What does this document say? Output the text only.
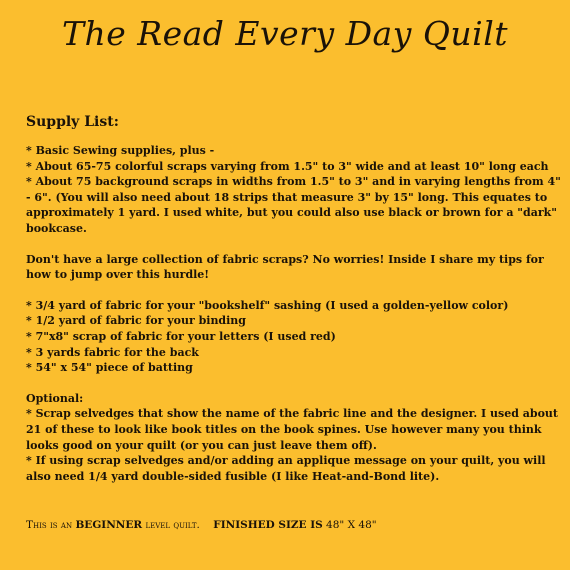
The Read Every Day Quilt
Supply List:
* Basic Sewing supplies, plus -
* About 65-75 colorful scraps varying from 1.5" to 3" wide and at least 10" long each
* About 75 background scraps in widths from 1.5" to 3" and in varying lengths from 4"
- 6". (You will also need about 18 strips that measure 3" by 15" long. This equates to
approximately 1 yard. I used white, but you could also use black or brown for a "dark"
bookcase.
Don't have a large collection of fabric scraps? No worries! Inside I share my tips for
how to jump over this hurdle!
* 3/4 yard of fabric for your "bookshelf" sashing (I used a golden-yellow color)
* 1/2 yard of fabric for your binding
* 7"x8" scrap of fabric for your letters (I used red)
* 3 yards fabric for the back
* 54" x 54" piece of batting
Optional:
* Scrap selvedges that show the name of the fabric line and the designer. I used about
21 of these to look like book titles on the book spines. Use however many you think
looks good on your quilt (or you can just leave them off).
* If using scrap selvedges and/or adding an applique message on your quilt, you will
also need 1/4 yard double-sided fusible (I like Heat-and-Bond lite).
This is an BEGINNER level quilt. FINISHED SIZE IS 48" X 48"
